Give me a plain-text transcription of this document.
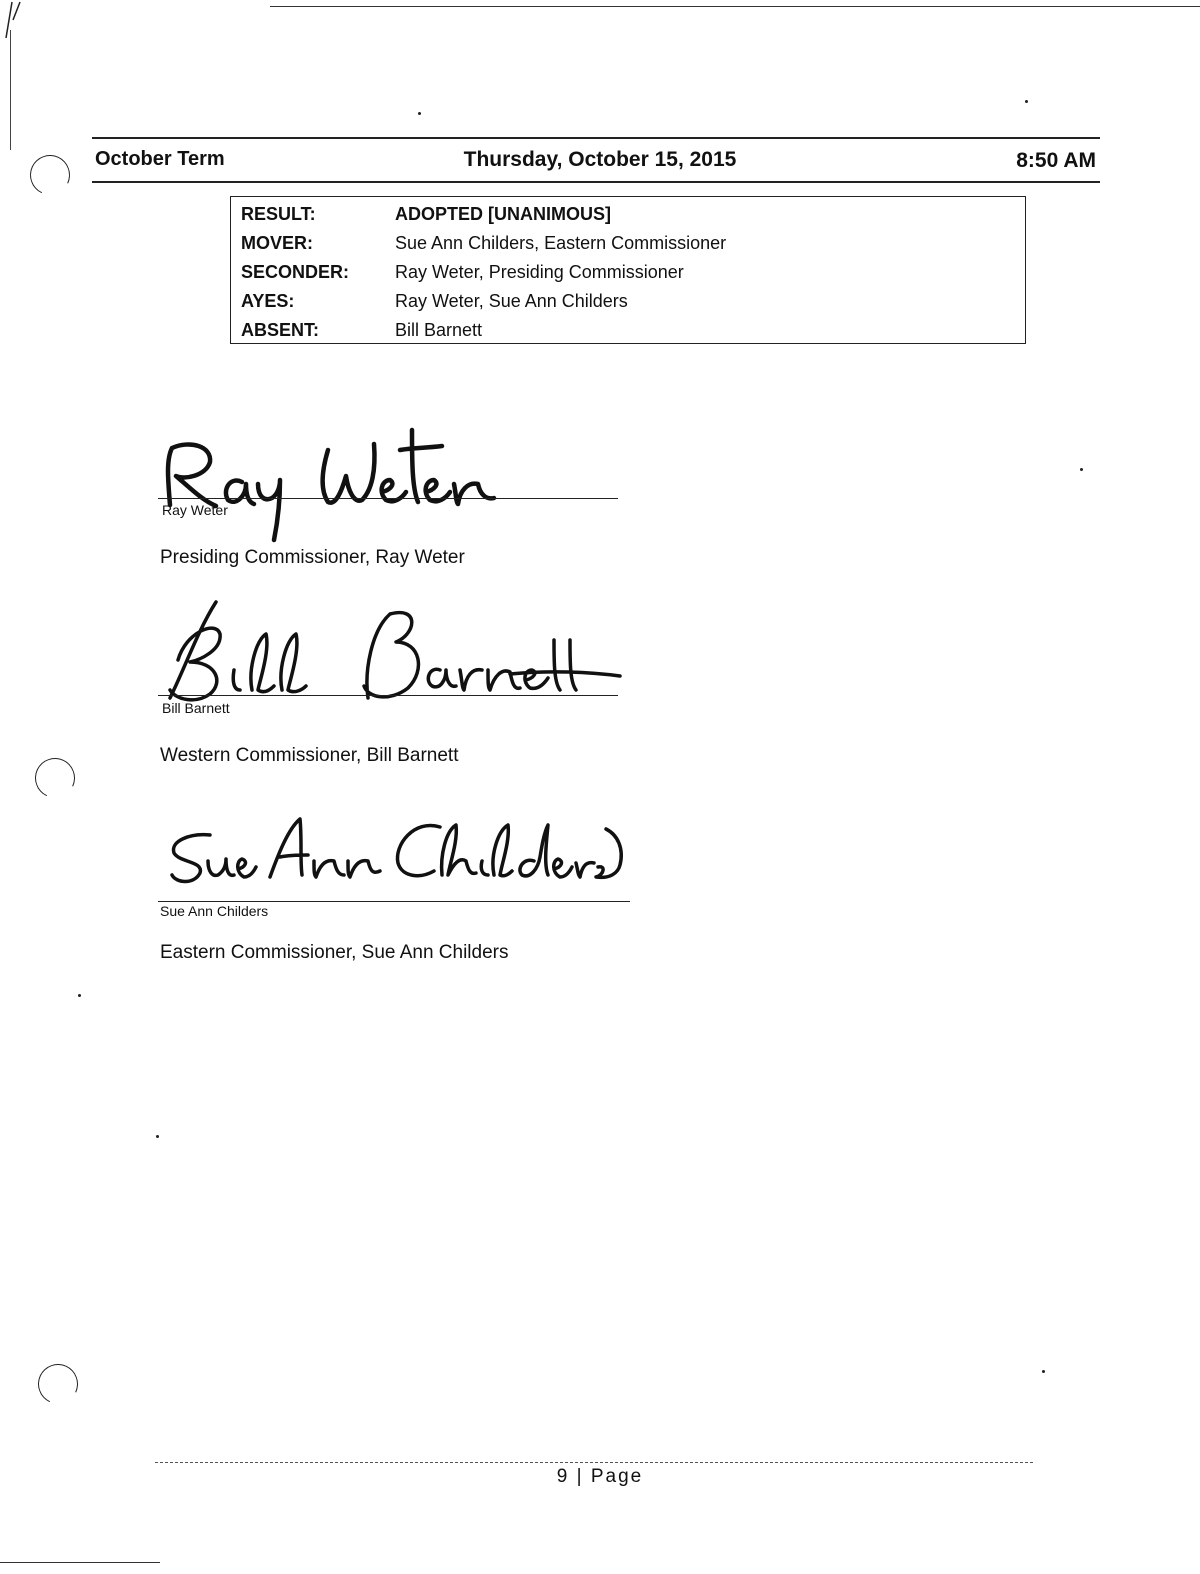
October Term	Thursday, October 15, 2015	8:50 AM
RESULT:	ADOPTED [UNANIMOUS]
MOVER:	Sue Ann Childers, Eastern Commissioner
SECONDER:	Ray Weter, Presiding Commissioner
AYES:	Ray Weter, Sue Ann Childers
ABSENT:	Bill Barnett
Ray Weter
Presiding Commissioner, Ray Weter
Bill Barnett
Western Commissioner, Bill Barnett
Sue Ann Childers
Eastern Commissioner, Sue Ann Childers
9 | Page
